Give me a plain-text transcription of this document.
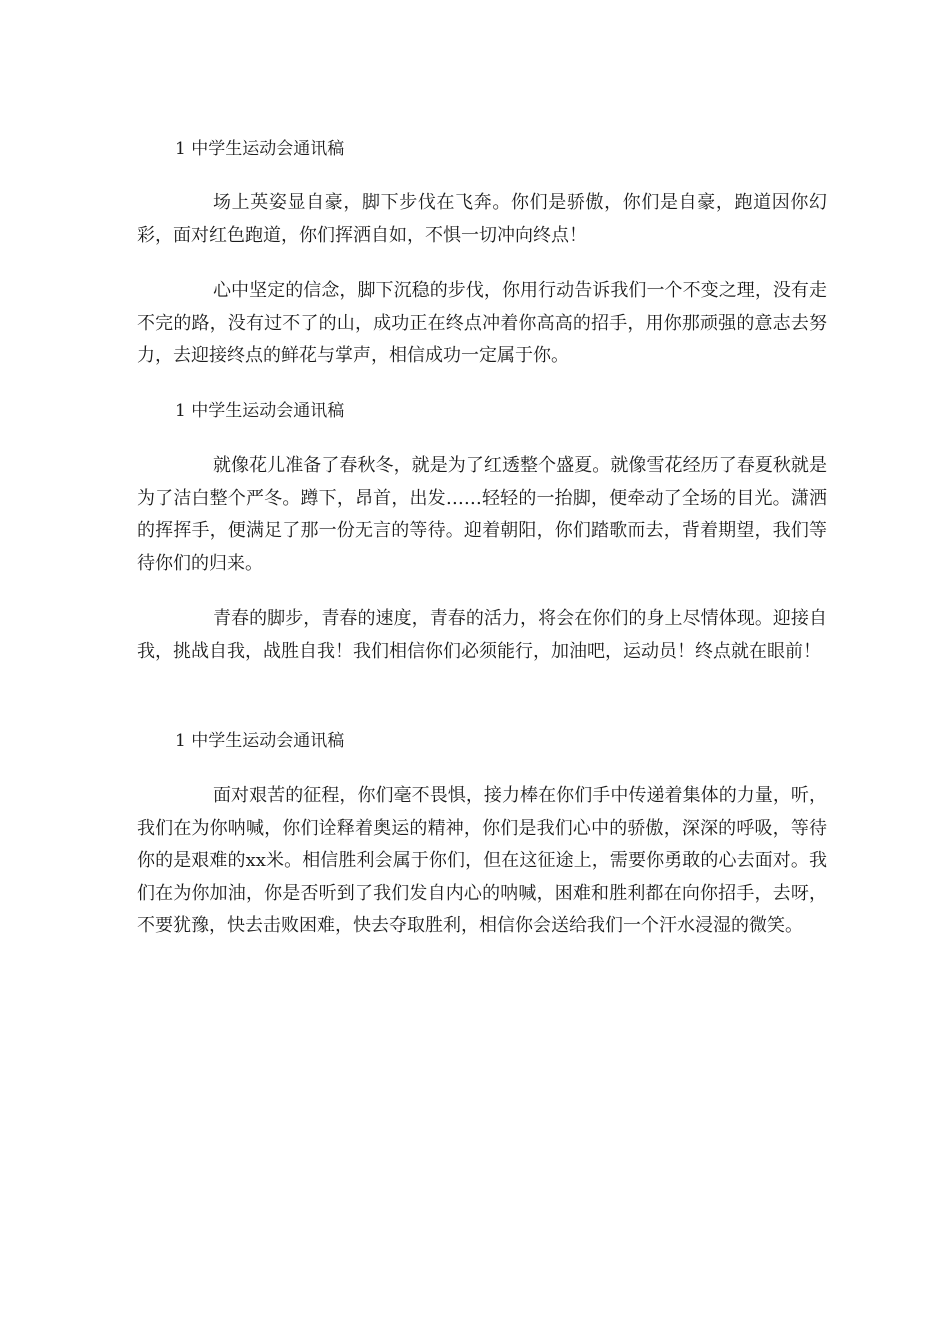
1 中学生运动会通讯稿

场上英姿显自豪，脚下步伐在飞奔。你们是骄傲，你们是自豪，跑道因你幻彩，面对红色跑道，你们挥洒自如，不惧一切冲向终点！

心中坚定的信念，脚下沉稳的步伐，你用行动告诉我们一个不变之理，没有走不完的路，没有过不了的山，成功正在终点冲着你高高的招手，用你那顽强的意志去努力，去迎接终点的鲜花与掌声，相信成功一定属于你。

1 中学生运动会通讯稿

就像花儿准备了春秋冬，就是为了红透整个盛夏。就像雪花经历了春夏秋就是为了洁白整个严冬。蹲下，昂首，出发……轻轻的一抬脚，便牵动了全场的目光。潇洒的挥挥手，便满足了那一份无言的等待。迎着朝阳，你们踏歌而去，背着期望，我们等待你们的归来。

青春的脚步，青春的速度，青春的活力，将会在你们的身上尽情体现。迎接自我，挑战自我，战胜自我！我们相信你们必须能行，加油吧，运动员！终点就在眼前！

1 中学生运动会通讯稿

面对艰苦的征程，你们毫不畏惧，接力棒在你们手中传递着集体的力量，听，我们在为你呐喊，你们诠释着奥运的精神，你们是我们心中的骄傲，深深的呼吸，等待你的是艰难的xx米。相信胜利会属于你们，但在这征途上，需要你勇敢的心去面对。我们在为你加油，你是否听到了我们发自内心的呐喊，困难和胜利都在向你招手，去呀，不要犹豫，快去击败困难，快去夺取胜利，相信你会送给我们一个汗水浸湿的微笑。
